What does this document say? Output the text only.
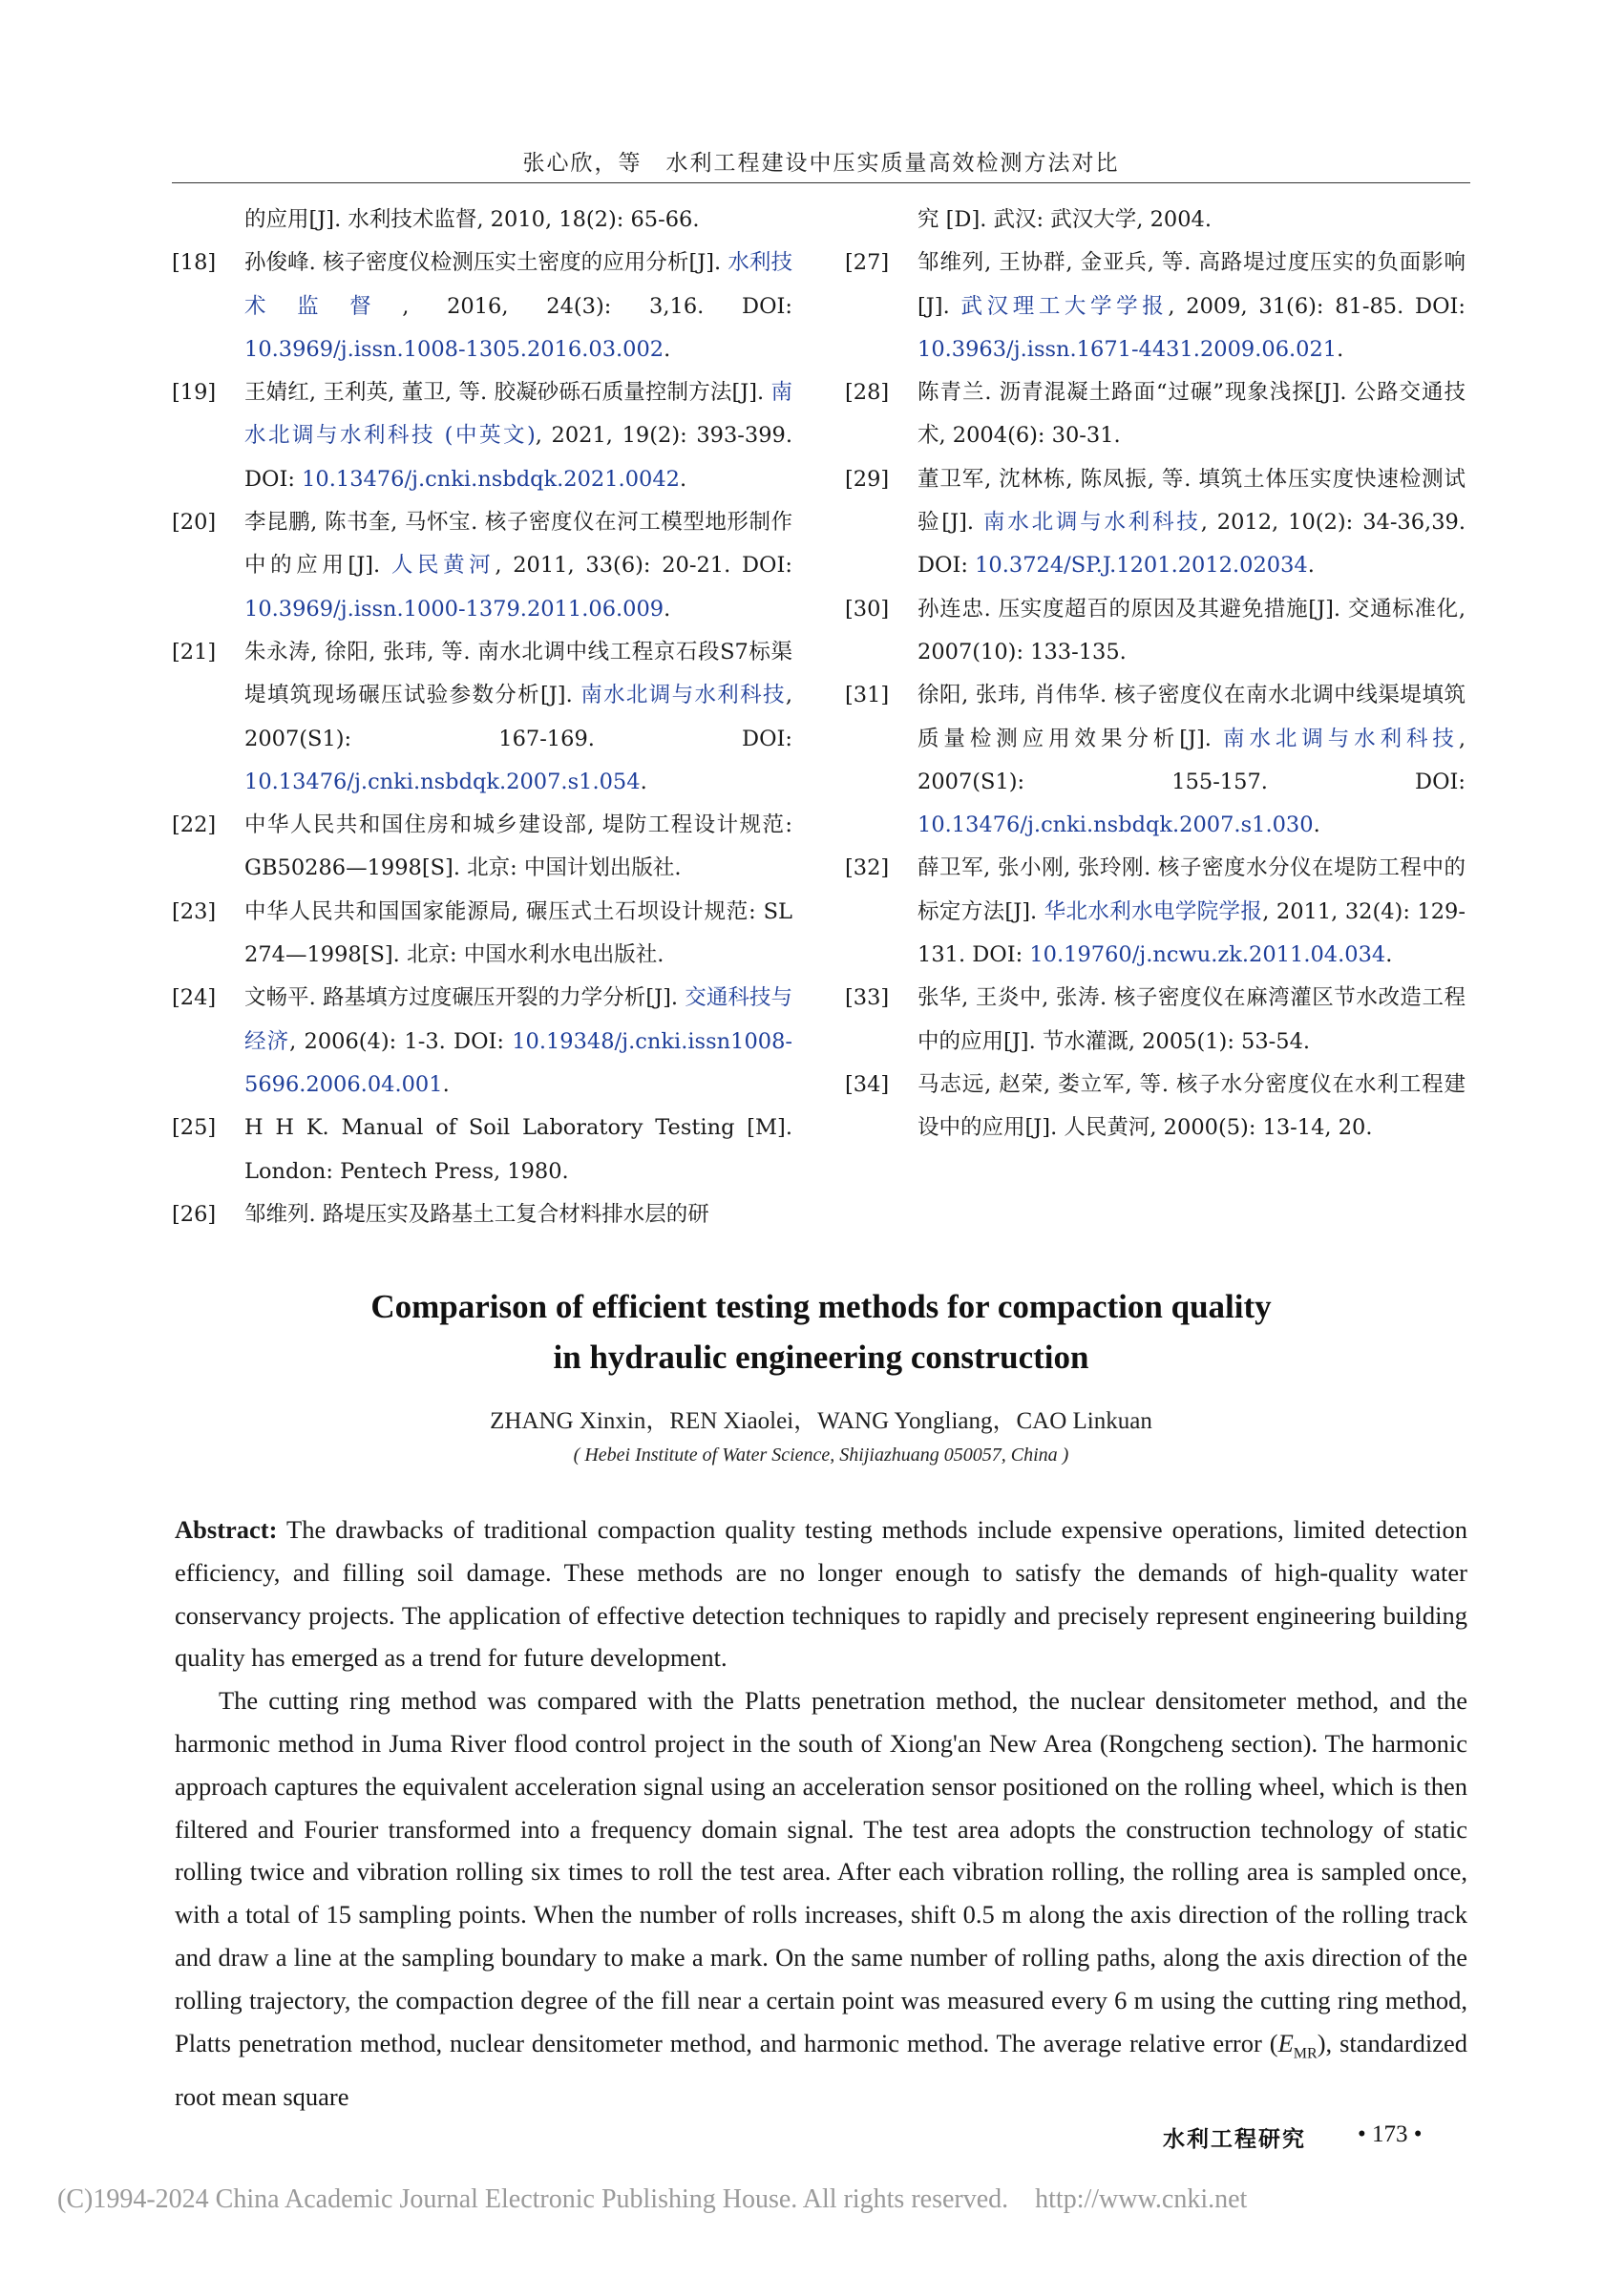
张心欣，等　水利工程建设中压实质量高效检测方法对比
的应用[J]. 水利技术监督, 2010, 18(2): 65-66.
[18]	孙俊峰. 核子密度仪检测压实土密度的应用分析[J]. 水利技术监督, 2016, 24(3): 3,16. DOI: 10.3969/j.issn.1008-1305.2016.03.002.
[19]	王婧红, 王利英, 董卫, 等. 胶凝砂砾石质量控制方法[J]. 南水北调与水利科技 (中英文), 2021, 19(2): 393-399. DOI: 10.13476/j.cnki.nsbdqk.2021.0042.
[20]	李昆鹏, 陈书奎, 马怀宝. 核子密度仪在河工模型地形制作中的应用[J]. 人民黄河, 2011, 33(6): 20-21. DOI: 10.3969/j.issn.1000-1379.2011.06.009.
[21]	朱永涛, 徐阳, 张玮, 等. 南水北调中线工程京石段S7标渠堤填筑现场碾压试验参数分析[J]. 南水北调与水利科技, 2007(S1): 167-169. DOI: 10.13476/j.cnki.nsbdqk.2007.s1.054.
[22]	中华人民共和国住房和城乡建设部, 堤防工程设计规范: GB50286—1998[S]. 北京: 中国计划出版社.
[23]	中华人民共和国国家能源局, 碾压式土石坝设计规范: SL 274—1998[S]. 北京: 中国水利水电出版社.
[24]	文畅平. 路基填方过度碾压开裂的力学分析[J]. 交通科技与经济, 2006(4): 1-3. DOI: 10.19348/j.cnki.issn1008-5696.2006.04.001.
[25]	H H K. Manual of Soil Laboratory Testing [M]. London: Pentech Press, 1980.
[26]	邹维列. 路堤压实及路基土工复合材料排水层的研
究 [D]. 武汉: 武汉大学, 2004.
[27]	邹维列, 王协群, 金亚兵, 等. 高路堤过度压实的负面影响[J]. 武汉理工大学学报, 2009, 31(6): 81-85. DOI: 10.3963/j.issn.1671-4431.2009.06.021.
[28]	陈青兰. 沥青混凝土路面“过碾”现象浅探[J]. 公路交通技术, 2004(6): 30-31.
[29]	董卫军, 沈林栋, 陈凤振, 等. 填筑土体压实度快速检测试验[J]. 南水北调与水利科技, 2012, 10(2): 34-36,39. DOI: 10.3724/SP.J.1201.2012.02034.
[30]	孙连忠. 压实度超百的原因及其避免措施[J]. 交通标准化, 2007(10): 133-135.
[31]	徐阳, 张玮, 肖伟华. 核子密度仪在南水北调中线渠堤填筑质量检测应用效果分析[J]. 南水北调与水利科技, 2007(S1): 155-157. DOI: 10.13476/j.cnki.nsbdqk.2007.s1.030.
[32]	薛卫军, 张小刚, 张玲刚. 核子密度水分仪在堤防工程中的标定方法[J]. 华北水利水电学院学报, 2011, 32(4): 129-131. DOI: 10.19760/j.ncwu.zk.2011.04.034.
[33]	张华, 王炎中, 张涛. 核子密度仪在麻湾灌区节水改造工程中的应用[J]. 节水灌溉, 2005(1): 53-54.
[34]	马志远, 赵荣, 娄立军, 等. 核子水分密度仪在水利工程建设中的应用[J]. 人民黄河, 2000(5): 13-14, 20.
Comparison of efficient testing methods for compaction quality
in hydraulic engineering construction
ZHANG Xinxin，REN Xiaolei，WANG Yongliang，CAO Linkuan
( Hebei Institute of Water Science, Shijiazhuang 050057, China )

Abstract: The drawbacks of traditional compaction quality testing methods include expensive operations, limited detection efficiency, and filling soil damage. These methods are no longer enough to satisfy the demands of high-quality water conservancy projects. The application of effective detection techniques to rapidly and precisely represent engineering building quality has emerged as a trend for future development.

The cutting ring method was compared with the Platts penetration method, the nuclear densitometer method, and the harmonic method in Juma River flood control project in the south of Xiong'an New Area (Rongcheng section). The harmonic approach captures the equivalent acceleration signal using an acceleration sensor positioned on the rolling wheel, which is then filtered and Fourier transformed into a frequency domain signal. The test area adopts the construction technology of static rolling twice and vibration rolling six times to roll the test area. After each vibration rolling, the rolling area is sampled once, with a total of 15 sampling points. When the number of rolls increases, shift 0.5 m along the axis direction of the rolling track and draw a line at the sampling boundary to make a mark. On the same number of rolling paths, along the axis direction of the rolling trajectory, the compaction degree of the fill near a certain point was measured every 6 m using the cutting ring method, Platts penetration method, nuclear densitometer method, and harmonic method. The average relative error $(E_{MR})$, standardized root mean square

水利工程研究 • 173 •
(C)1994-2024 China Academic Journal Electronic Publishing House. All rights reserved. http://www.cnki.net
